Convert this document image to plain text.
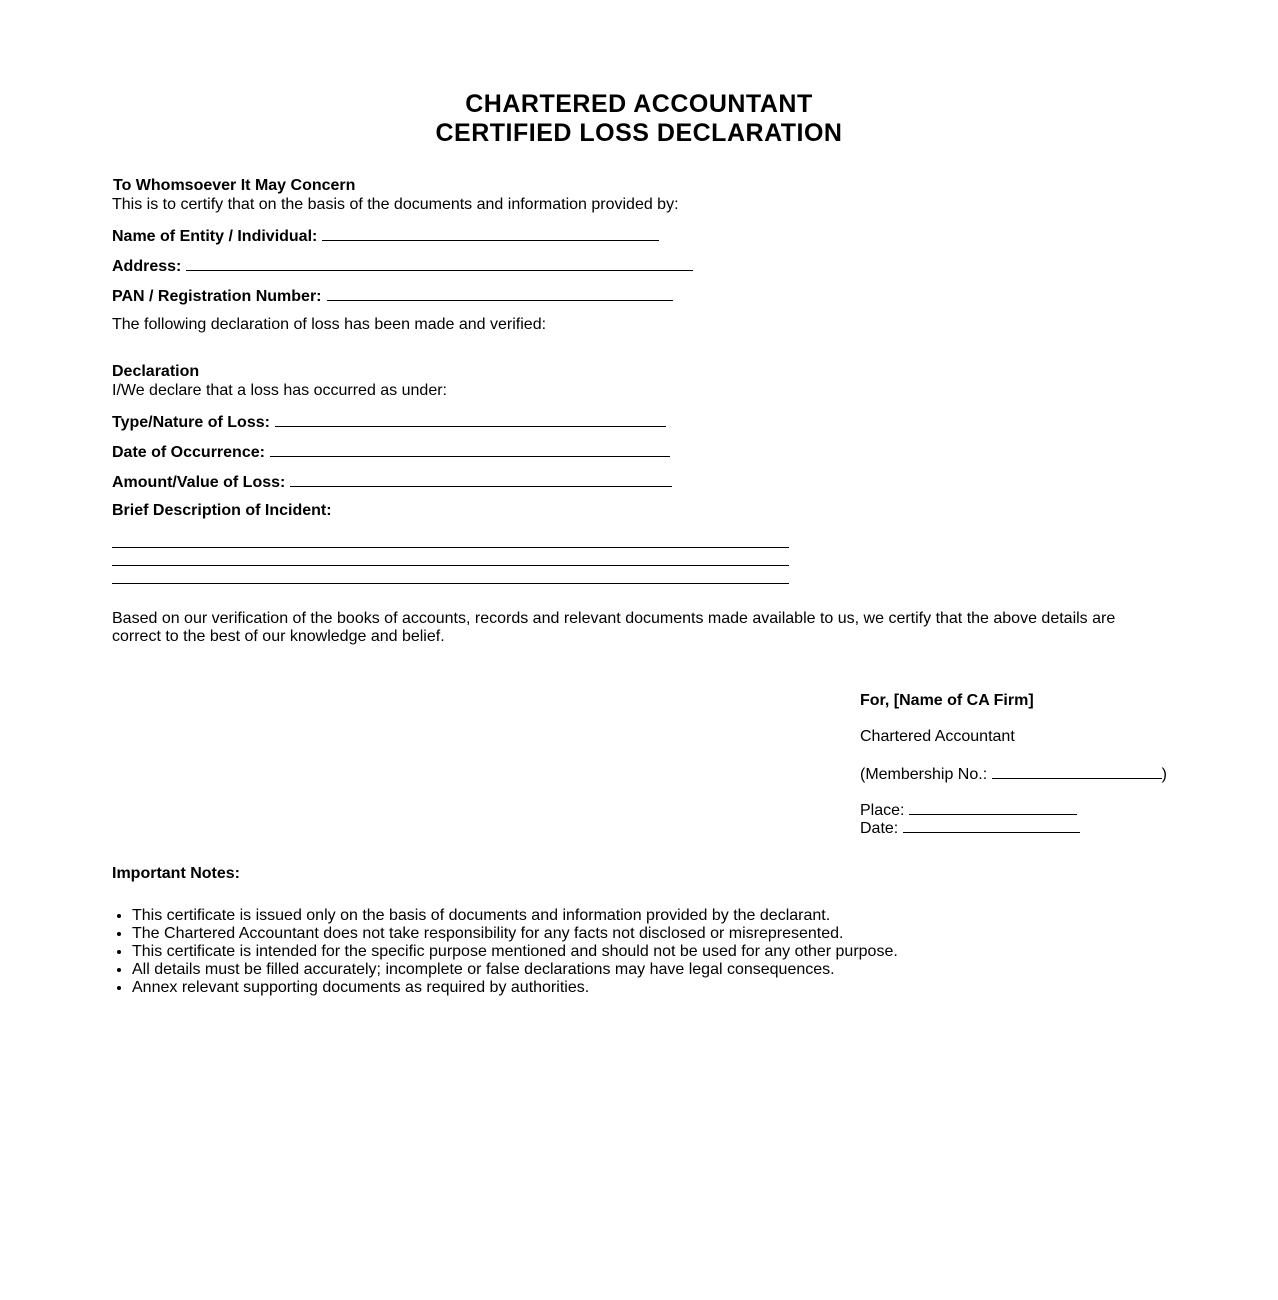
CHARTERED ACCOUNTANT
CERTIFIED LOSS DECLARATION
To Whomsoever It May Concern
This is to certify that on the basis of the documents and information provided by:
Name of Entity / Individual:
Address:
PAN / Registration Number:
The following declaration of loss has been made and verified:
Declaration
I/We declare that a loss has occurred as under:
Type/Nature of Loss:
Date of Occurrence:
Amount/Value of Loss:
Brief Description of Incident:
Based on our verification of the books of accounts, records and relevant documents made available to us, we certify that the above details are correct to the best of our knowledge and belief.
For, [Name of CA Firm]
Chartered Accountant
(Membership No.:	)
Place:
Date:
Important Notes:
• This certificate is issued only on the basis of documents and information provided by the declarant.
• The Chartered Accountant does not take responsibility for any facts not disclosed or misrepresented.
• This certificate is intended for the specific purpose mentioned and should not be used for any other purpose.
• All details must be filled accurately; incomplete or false declarations may have legal consequences.
• Annex relevant supporting documents as required by authorities.
